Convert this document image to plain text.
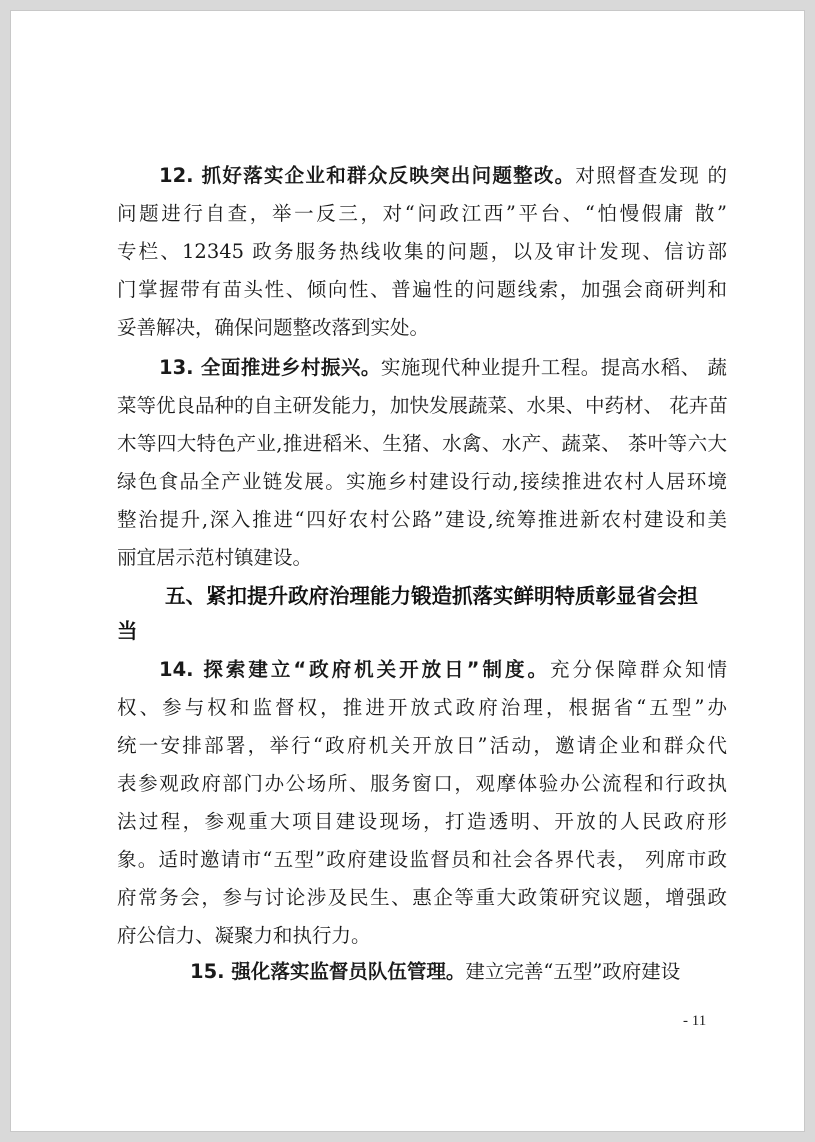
12. 抓好落实企业和群众反映突出问题整改。对照督查发现 的
问题进行自查，举一反三，对“问政江西”平台、“怕慢假庸 散”
专栏、12345 政务服务热线收集的问题，以及审计发现、信访部
门掌握带有苗头性、倾向性、普遍性的问题线索，加强会商研判和
妥善解决，确保问题整改落到实处。
13. 全面推进乡村振兴。实施现代种业提升工程。提高水稻、 蔬
菜等优良品种的自主研发能力，加快发展蔬菜、水果、中药材、 花卉苗
木等四大特色产业,推进稻米、生猪、水禽、水产、蔬菜、 茶叶等六大
绿色食品全产业链发展。实施乡村建设行动,接续推进农村人居环境
整治提升,深入推进“四好农村公路”建设,统筹推进新农村建设和美
丽宜居示范村镇建设。
五、紧扣提升政府治理能力锻造抓落实鲜明特质彰显省会担
当
14. 探索建立“政府机关开放日”制度。充分保障群众知情
权、参与权和监督权，推进开放式政府治理，根据省“五型”办
统一安排部署，举行“政府机关开放日”活动，邀请企业和群众代
表参观政府部门办公场所、服务窗口，观摩体验办公流程和行政执
法过程，参观重大项目建设现场，打造透明、开放的人民政府形
象。适时邀请市“五型”政府建设监督员和社会各界代表， 列席市政
府常务会，参与讨论涉及民生、惠企等重大政策研究议题，增强政
府公信力、凝聚力和执行力。
15. 强化落实监督员队伍管理。建立完善“五型”政府建设
- 11
